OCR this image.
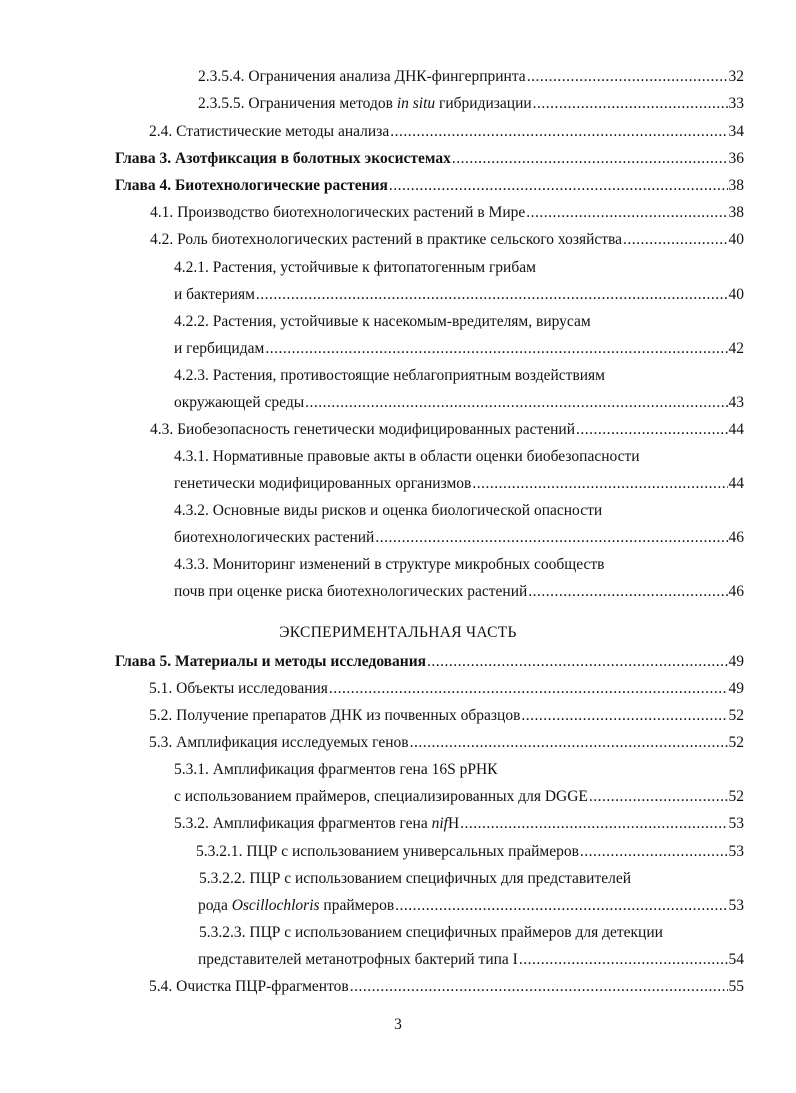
2.3.5.4. Ограничения анализа ДНК-фингерпринта .....	32
2.3.5.5. Ограничения методов in situ гибридизации .....	33
2.4. Статистические методы анализа .....	34
Глава 3. Азотфиксация в болотных экосистемах .....	36
Глава 4. Биотехнологические растения .....	38
4.1. Производство биотехнологических растений в Мире .....	38
4.2. Роль биотехнологических растений в практике сельского хозяйства .....	40
4.2.1. Растения, устойчивые к фитопатогенным грибам
и бактериям .....	40
4.2.2. Растения, устойчивые к насекомым-вредителям, вирусам
и гербицидам .....	42
4.2.3. Растения, противостоящие неблагоприятным воздействиям
окружающей среды .....	43
4.3. Биобезопасность генетически модифицированных растений .....	44
4.3.1. Нормативные правовые акты в области оценки биобезопасности
генетически модифицированных организмов .....	44
4.3.2. Основные виды рисков и оценка биологической опасности
биотехнологических растений .....	46
4.3.3. Мониторинг изменений в структуре микробных сообществ
почв при оценке риска биотехнологических растений .....	46
ЭКСПЕРИМЕНТАЛЬНАЯ ЧАСТЬ
Глава 5. Материалы и методы исследования .....	49
5.1. Объекты исследования .....	49
5.2. Получение препаратов ДНК из почвенных образцов .....	52
5.3. Амплификация исследуемых генов .....	52
5.3.1. Амплификация фрагментов гена 16S рРНК
с использованием праймеров, специализированных для DGGE .....	52
5.3.2. Амплификация фрагментов гена nifH .....	53
5.3.2.1. ПЦР с использованием универсальных праймеров .....	53
5.3.2.2. ПЦР с использованием специфичных для представителей
рода Oscillochloris праймеров .....	53
5.3.2.3. ПЦР с использованием специфичных праймеров для детекции
представителей метанотрофных бактерий типа I .....	54
5.4. Очистка ПЦР-фрагментов .....	55
3
